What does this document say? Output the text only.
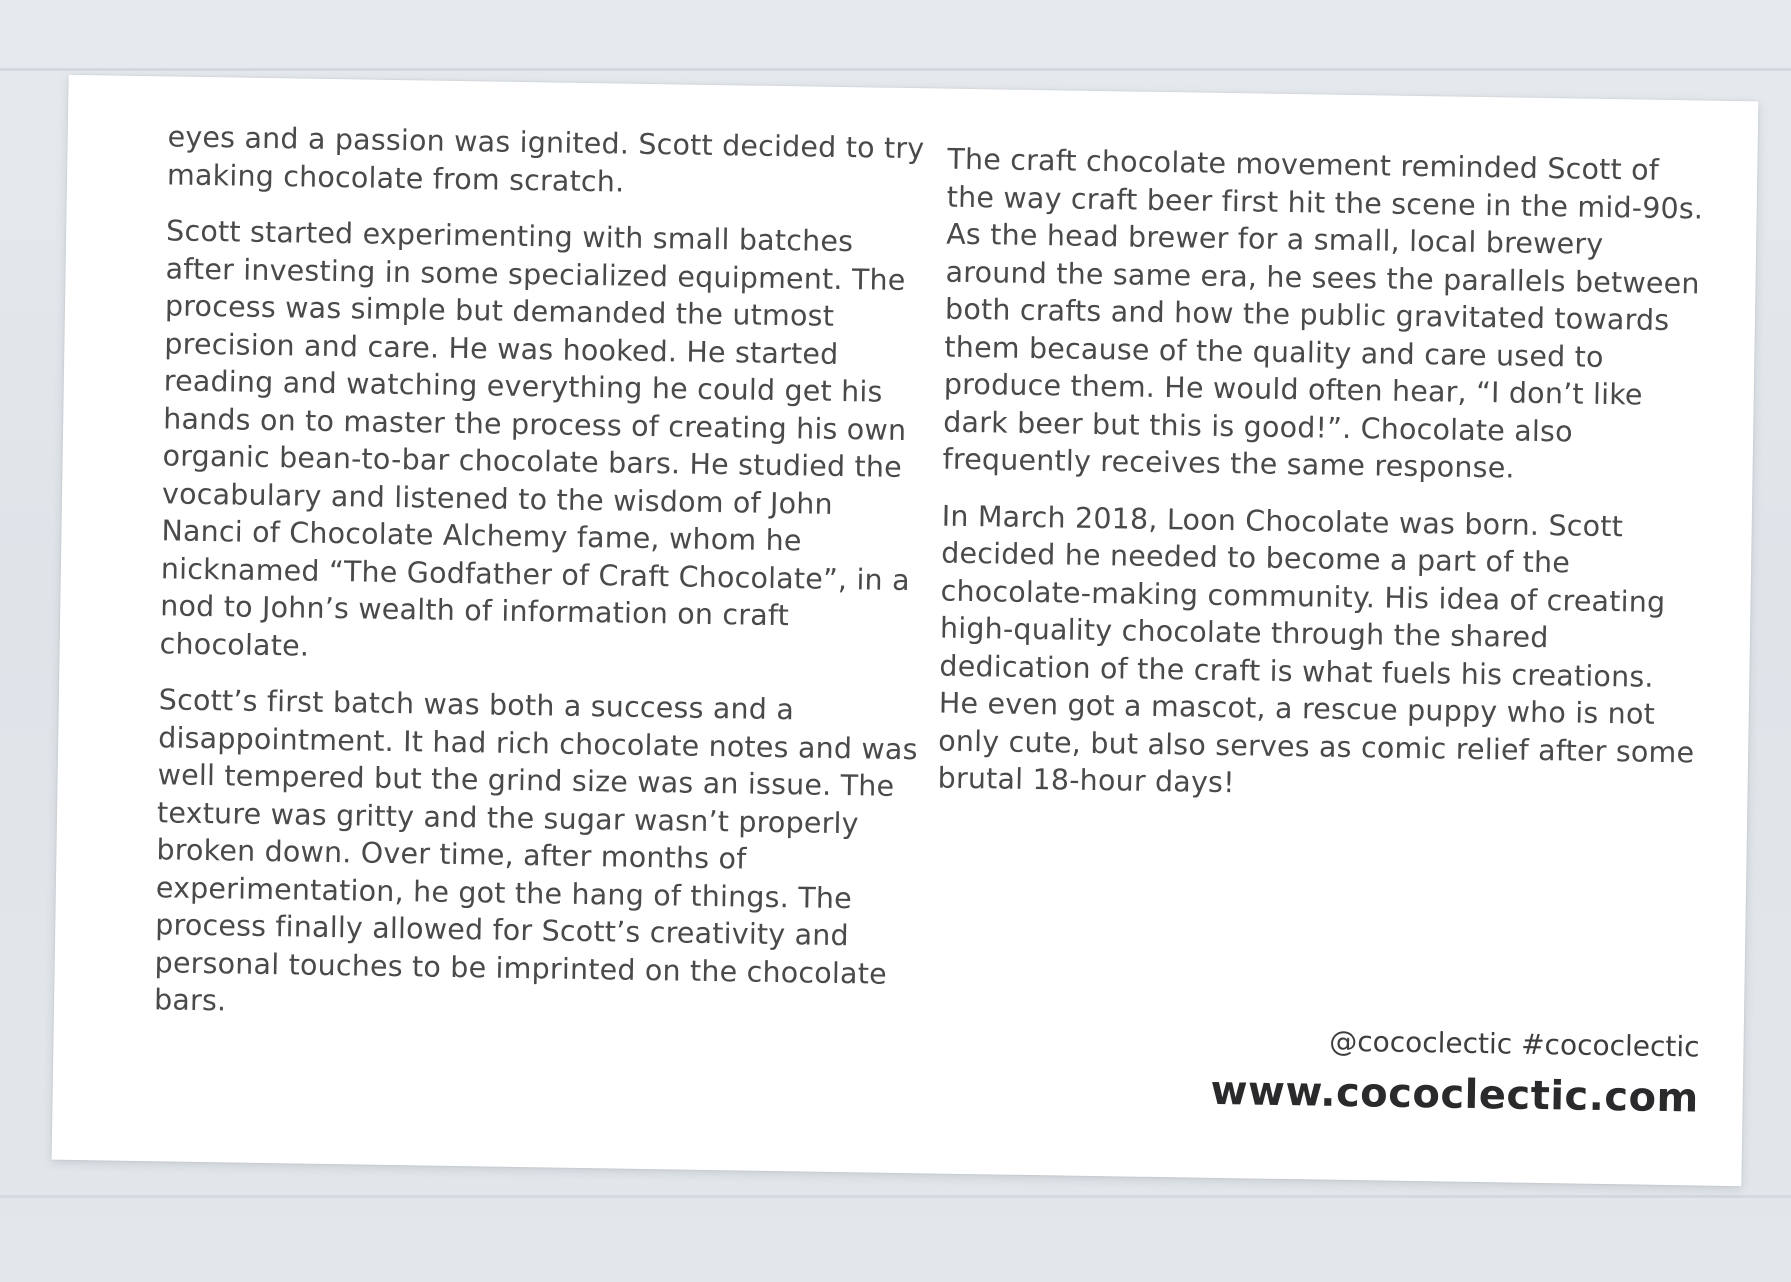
eyes and a passion was ignited. Scott decided to try making chocolate from scratch.

Scott started experimenting with small batches after investing in some specialized equipment. The process was simple but demanded the utmost precision and care. He was hooked. He started reading and watching everything he could get his hands on to master the process of creating his own organic bean-to-bar chocolate bars. He studied the vocabulary and listened to the wisdom of John Nanci of Chocolate Alchemy fame, whom he nicknamed “The Godfather of Craft Chocolate”, in a nod to John’s wealth of information on craft chocolate.

Scott’s first batch was both a success and a disappointment. It had rich chocolate notes and was well tempered but the grind size was an issue. The texture was gritty and the sugar wasn’t properly broken down. Over time, after months of experimentation, he got the hang of things. The process finally allowed for Scott’s creativity and personal touches to be imprinted on the chocolate bars.

The craft chocolate movement reminded Scott of the way craft beer first hit the scene in the mid-90s. As the head brewer for a small, local brewery around the same era, he sees the parallels between both crafts and how the public gravitated towards them because of the quality and care used to produce them. He would often hear, “I don’t like dark beer but this is good!”. Chocolate also frequently receives the same response.

In March 2018, Loon Chocolate was born. Scott decided he needed to become a part of the chocolate-making community. His idea of creating high-quality chocolate through the shared dedication of the craft is what fuels his creations. He even got a mascot, a rescue puppy who is not only cute, but also serves as comic relief after some brutal 18-hour days!

@cococlectic #cococlectic
www.cococlectic.com
